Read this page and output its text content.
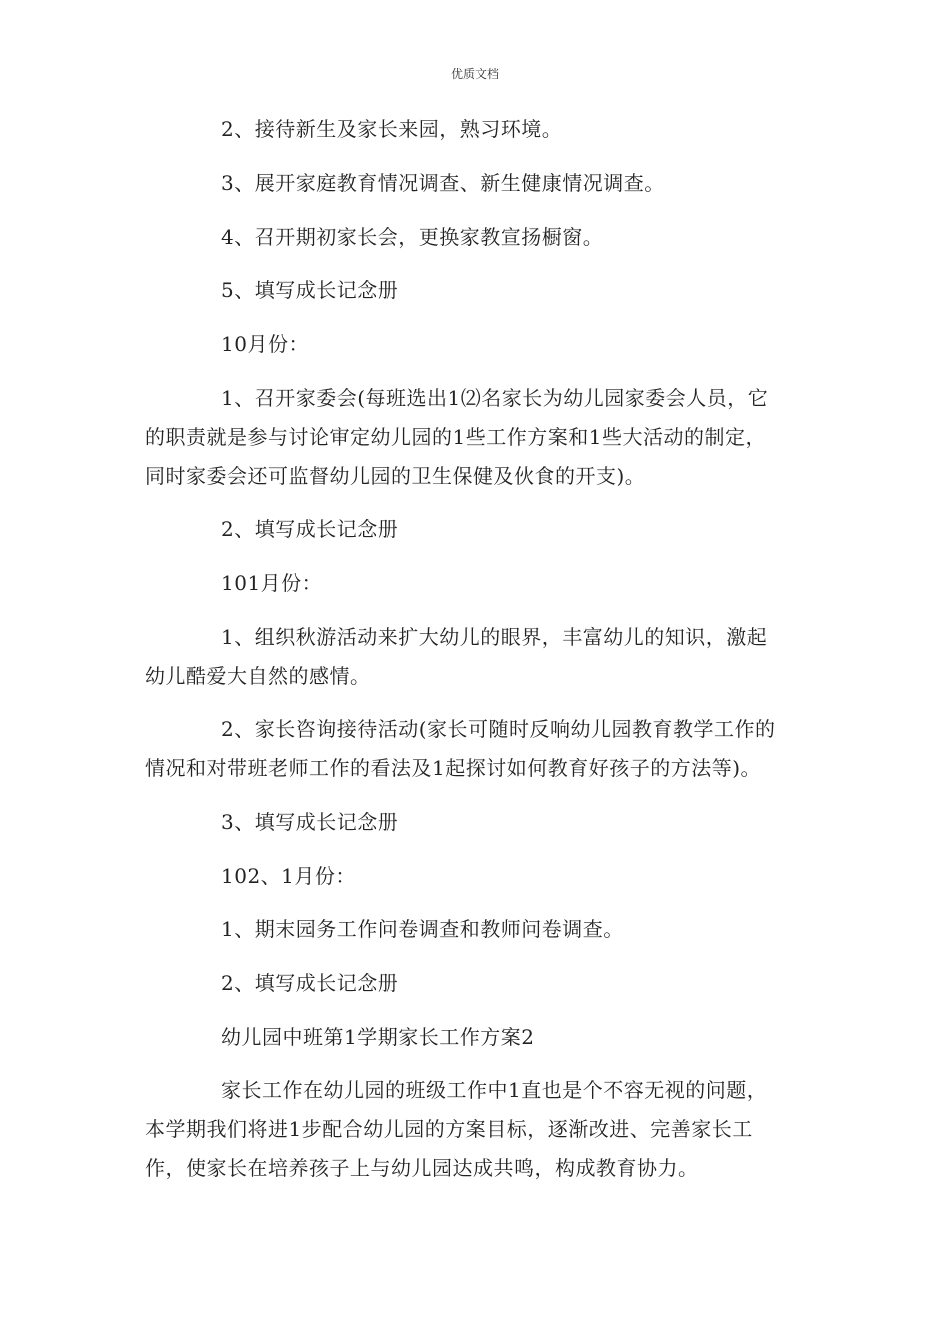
优质文档
2、接待新生及家长来园，熟习环境。
3、展开家庭教育情况调查、新生健康情况调查。
4、召开期初家长会，更换家教宣扬橱窗。
5、填写成长记念册
10月份：
1、召开家委会(每班选出1⑵名家长为幼儿园家委会人员，它
的职责就是参与讨论审定幼儿园的1些工作方案和1些大活动的制定，
同时家委会还可监督幼儿园的卫生保健及伙食的开支)。
2、填写成长记念册
101月份：
1、组织秋游活动来扩大幼儿的眼界，丰富幼儿的知识，激起
幼儿酷爱大自然的感情。
2、家长咨询接待活动(家长可随时反响幼儿园教育教学工作的
情况和对带班老师工作的看法及1起探讨如何教育好孩子的方法等)。
3、填写成长记念册
102、1月份：
1、期末园务工作问卷调查和教师问卷调查。
2、填写成长记念册
幼儿园中班第1学期家长工作方案2
家长工作在幼儿园的班级工作中1直也是个不容无视的问题，
本学期我们将进1步配合幼儿园的方案目标，逐渐改进、完善家长工
作，使家长在培养孩子上与幼儿园达成共鸣，构成教育协力。
